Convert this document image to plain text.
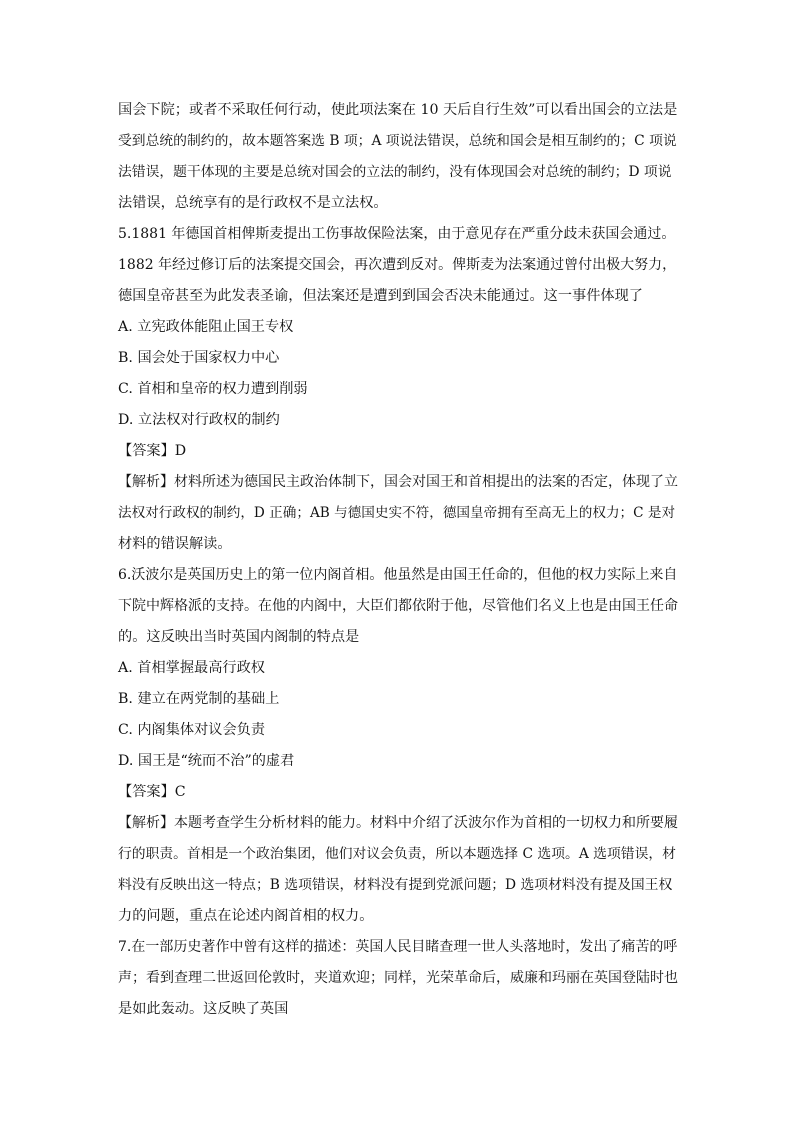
国会下院；或者不采取任何行动，使此项法案在 10 天后自行生效”可以看出国会的立法是
受到总统的制约的，故本题答案选 B 项；A 项说法错误，总统和国会是相互制约的；C 项说
法错误，题干体现的主要是总统对国会的立法的制约，没有体现国会对总统的制约；D 项说
法错误，总统享有的是行政权不是立法权。
5.1881 年德国首相俾斯麦提出工伤事故保险法案，由于意见存在严重分歧未获国会通过。
1882 年经过修订后的法案提交国会，再次遭到反对。俾斯麦为法案通过曾付出极大努力，
德国皇帝甚至为此发表圣谕，但法案还是遭到到国会否决未能通过。这一事件体现了
A. 立宪政体能阻止国王专权
B. 国会处于国家权力中心
C. 首相和皇帝的权力遭到削弱
D. 立法权对行政权的制约
【答案】D
【解析】材料所述为德国民主政治体制下，国会对国王和首相提出的法案的否定，体现了立
法权对行政权的制约，D 正确；AB 与德国史实不符，德国皇帝拥有至高无上的权力；C 是对
材料的错误解读。
6.沃波尔是英国历史上的第一位内阁首相。他虽然是由国王任命的，但他的权力实际上来自
下院中辉格派的支持。在他的内阁中，大臣们都依附于他，尽管他们名义上也是由国王任命
的。这反映出当时英国内阁制的特点是
A. 首相掌握最高行政权
B. 建立在两党制的基础上
C. 内阁集体对议会负责
D. 国王是“统而不治”的虚君
【答案】C
【解析】本题考查学生分析材料的能力。材料中介绍了沃波尔作为首相的一切权力和所要履
行的职责。首相是一个政治集团，他们对议会负责，所以本题选择 C 选项。A 选项错误，材
料没有反映出这一特点；B 选项错误，材料没有提到党派问题；D 选项材料没有提及国王权
力的问题，重点在论述内阁首相的权力。
7.在一部历史著作中曾有这样的描述：英国人民目睹查理一世人头落地时，发出了痛苦的呼
声；看到查理二世返回伦敦时，夹道欢迎；同样，光荣革命后，威廉和玛丽在英国登陆时也
是如此轰动。这反映了英国
